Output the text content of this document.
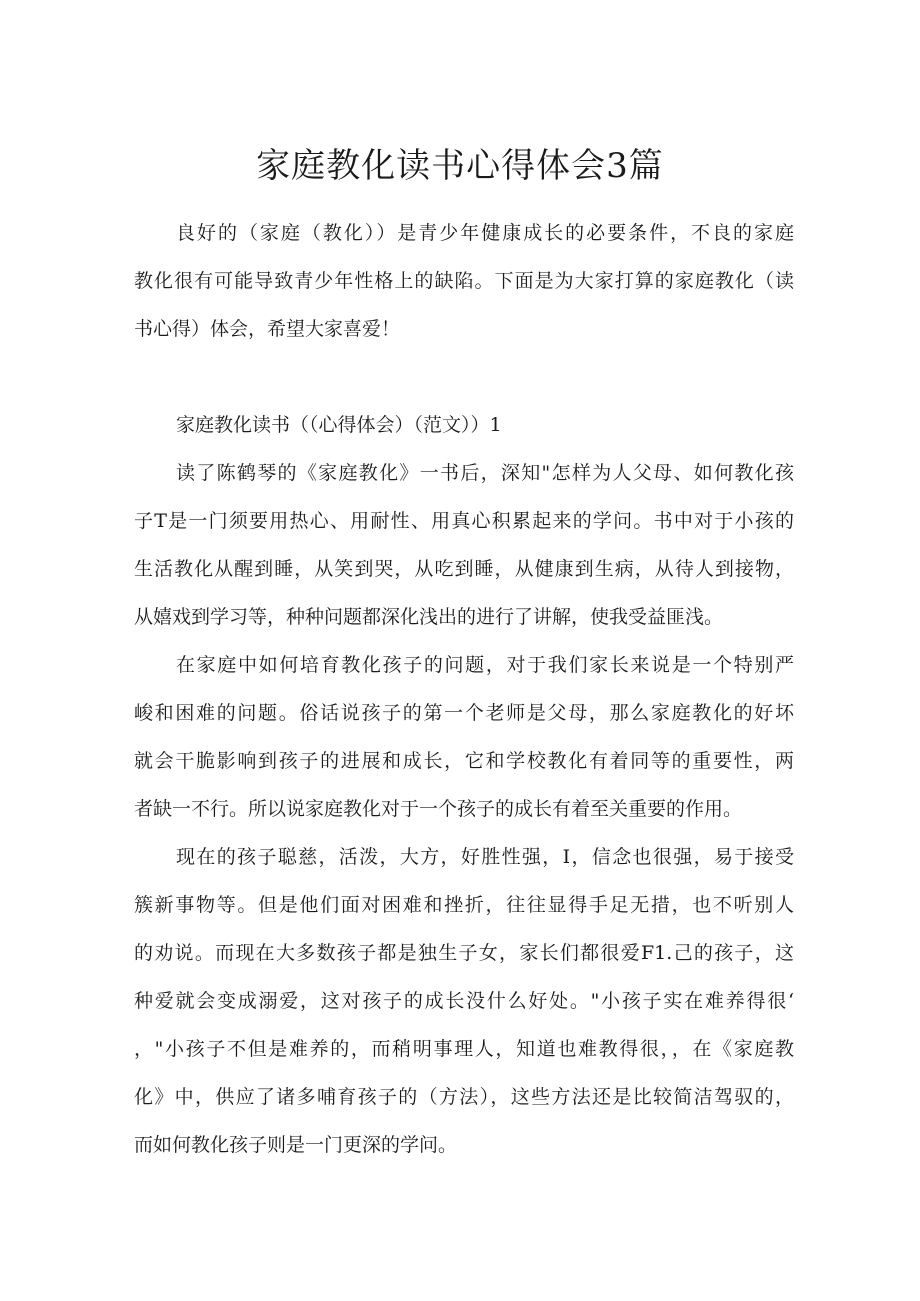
家庭教化读书心得体会3篇
良好的（家庭（教化））是青少年健康成长的必要条件，不良的家庭
教化很有可能导致青少年性格上的缺陷。下面是为大家打算的家庭教化（读
书心得）体会，希望大家喜爱！
家庭教化读书（（心得体会）（范文））1
读了陈鹤琴的《家庭教化》一书后，深知"怎样为人父母、如何教化孩
子T是一门须要用热心、用耐性、用真心积累起来的学问。书中对于小孩的
生活教化从醒到睡，从笑到哭，从吃到睡，从健康到生病，从待人到接物，
从嬉戏到学习等，种种问题都深化浅出的进行了讲解，使我受益匪浅。
在家庭中如何培育教化孩子的问题，对于我们家长来说是一个特别严
峻和困难的问题。俗话说孩子的第一个老师是父母，那么家庭教化的好坏
就会干脆影响到孩子的进展和成长，它和学校教化有着同等的重要性，两
者缺一不行。所以说家庭教化对于一个孩子的成长有着至关重要的作用。
现在的孩子聪慈，活泼，大方，好胜性强，I，信念也很强，易于接受
簇新事物等。但是他们面对困难和挫折，往往显得手足无措，也不听别人
的劝说。而现在大多数孩子都是独生子女，家长们都很爱F1.己的孩子，这
种爱就会变成溺爱，这对孩子的成长没什么好处。"小孩子实在难养得很‘
，"小孩子不但是难养的，而稍明事理人，知道也难教得很，，在《家庭教
化》中，供应了诸多哺育孩子的（方法），这些方法还是比较简洁驾驭的，
而如何教化孩子则是一门更深的学问。
